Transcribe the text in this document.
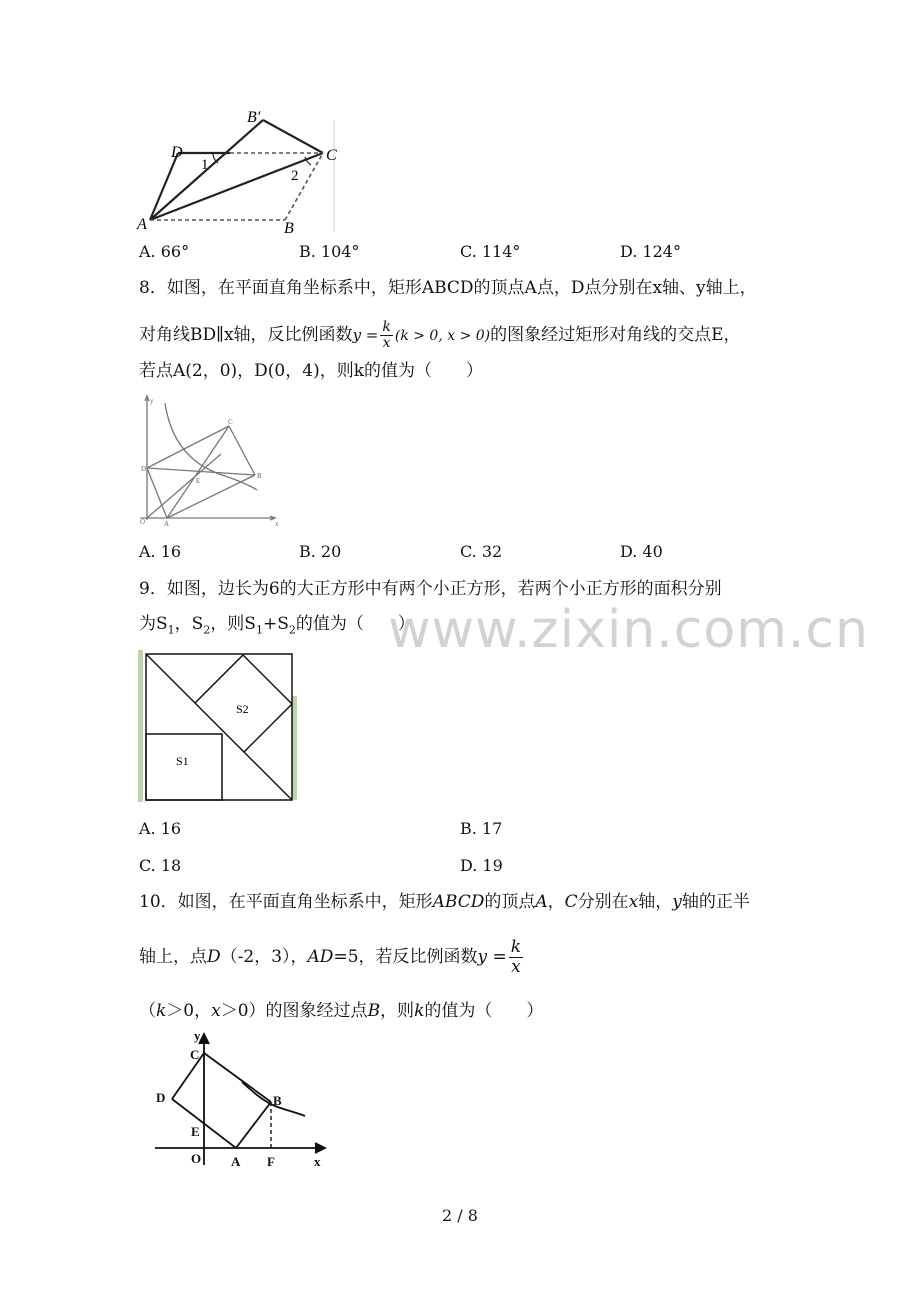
www.zixin.com.cn
D
B′
C
A	B
1
2
A. 66°	B. 104°	C. 114°	D. 124°
8．如图，在平面直角坐标系中，矩形ABCD的顶点A点，D点分别在x轴、y轴上，
对角线BD∥x轴，反比例函数$y = \frac{k}{x} (k > 0$, x > 0)的图象经过矩形对角线的交点E，
若点A(2，0)，D(0，4)，则k的值为（　　）
y
C
D
E
B
O	A	x
A. 16	B. 20	C. 32	D. 40
9．如图，边长为6的大正方形中有两个小正方形，若两个小正方形的面积分别
为$S_1$，$S_2$，则$S_1+S_2$的值为（　　）
S2
S1
A. 16	B. 17
C. 18	D. 19
10．如图，在平面直角坐标系中，矩形ABCD的顶点A，C分别在x轴，y轴的正半
轴上，点D（-2，3），AD=5，若反比例函数$y = \frac{k}{x}$
（k＞0，x＞0）的图象经过点B，则k的值为（　　）
y
C
D	B
E
O A F	x
2 / 8
